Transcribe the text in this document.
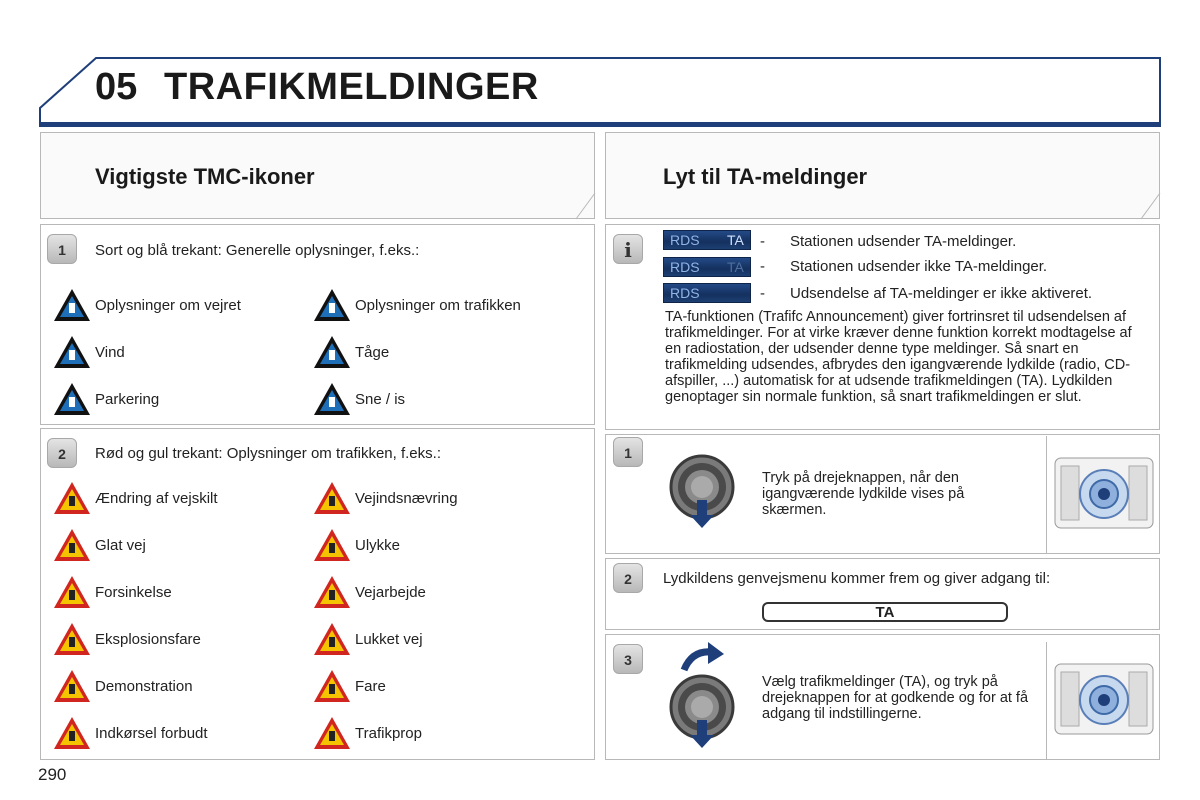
05 TRAFIKMELDINGER
Vigtigste TMC-ikoner
1	Sort og blå trekant: Generelle oplysninger, f.eks.:
2	Rød og gul trekant: Oplysninger om trafikken, f.eks.:
Oplysninger om vejret	Oplysninger om trafikken
Vind	Tåge
Parkering	Sne / is
Ændring af vejskilt	Vejindsnævring
Glat vej	Ulykke
Forsinkelse	Vejarbejde
Eksplosionsfare	Lukket vej
Demonstration	Fare
Indkørsel forbudt	Trafikprop
Lyt til TA-meldinger
i	RDS TA - Stationen udsender TA-meldinger.
RDS TA - Stationen udsender ikke TA-meldinger.
RDS	- Udsendelse af TA-meldinger er ikke aktiveret.
TA-funktionen (Trafifc Announcement) giver fortrinsret til udsendelsen af trafikmeldinger. For at virke kræver denne funktion korrekt modtagelse af en radiostation, der udsender denne type meldinger. Så snart en trafikmelding udsendes, afbrydes den igangværende lydkilde (radio, CD-afspiller, ...) automatisk for at udsende trafikmeldingen (TA). Lydkilden genoptager sin normale funktion, så snart trafikmeldingen er slut.
1
Tryk på drejeknappen, når den igangværende lydkilde vises på skærmen.
2	Lydkildens genvejsmenu kommer frem og giver adgang til:
TA
3
Vælg trafikmeldinger (TA), og tryk på drejeknappen for at godkende og for at få adgang til indstillingerne.
290
